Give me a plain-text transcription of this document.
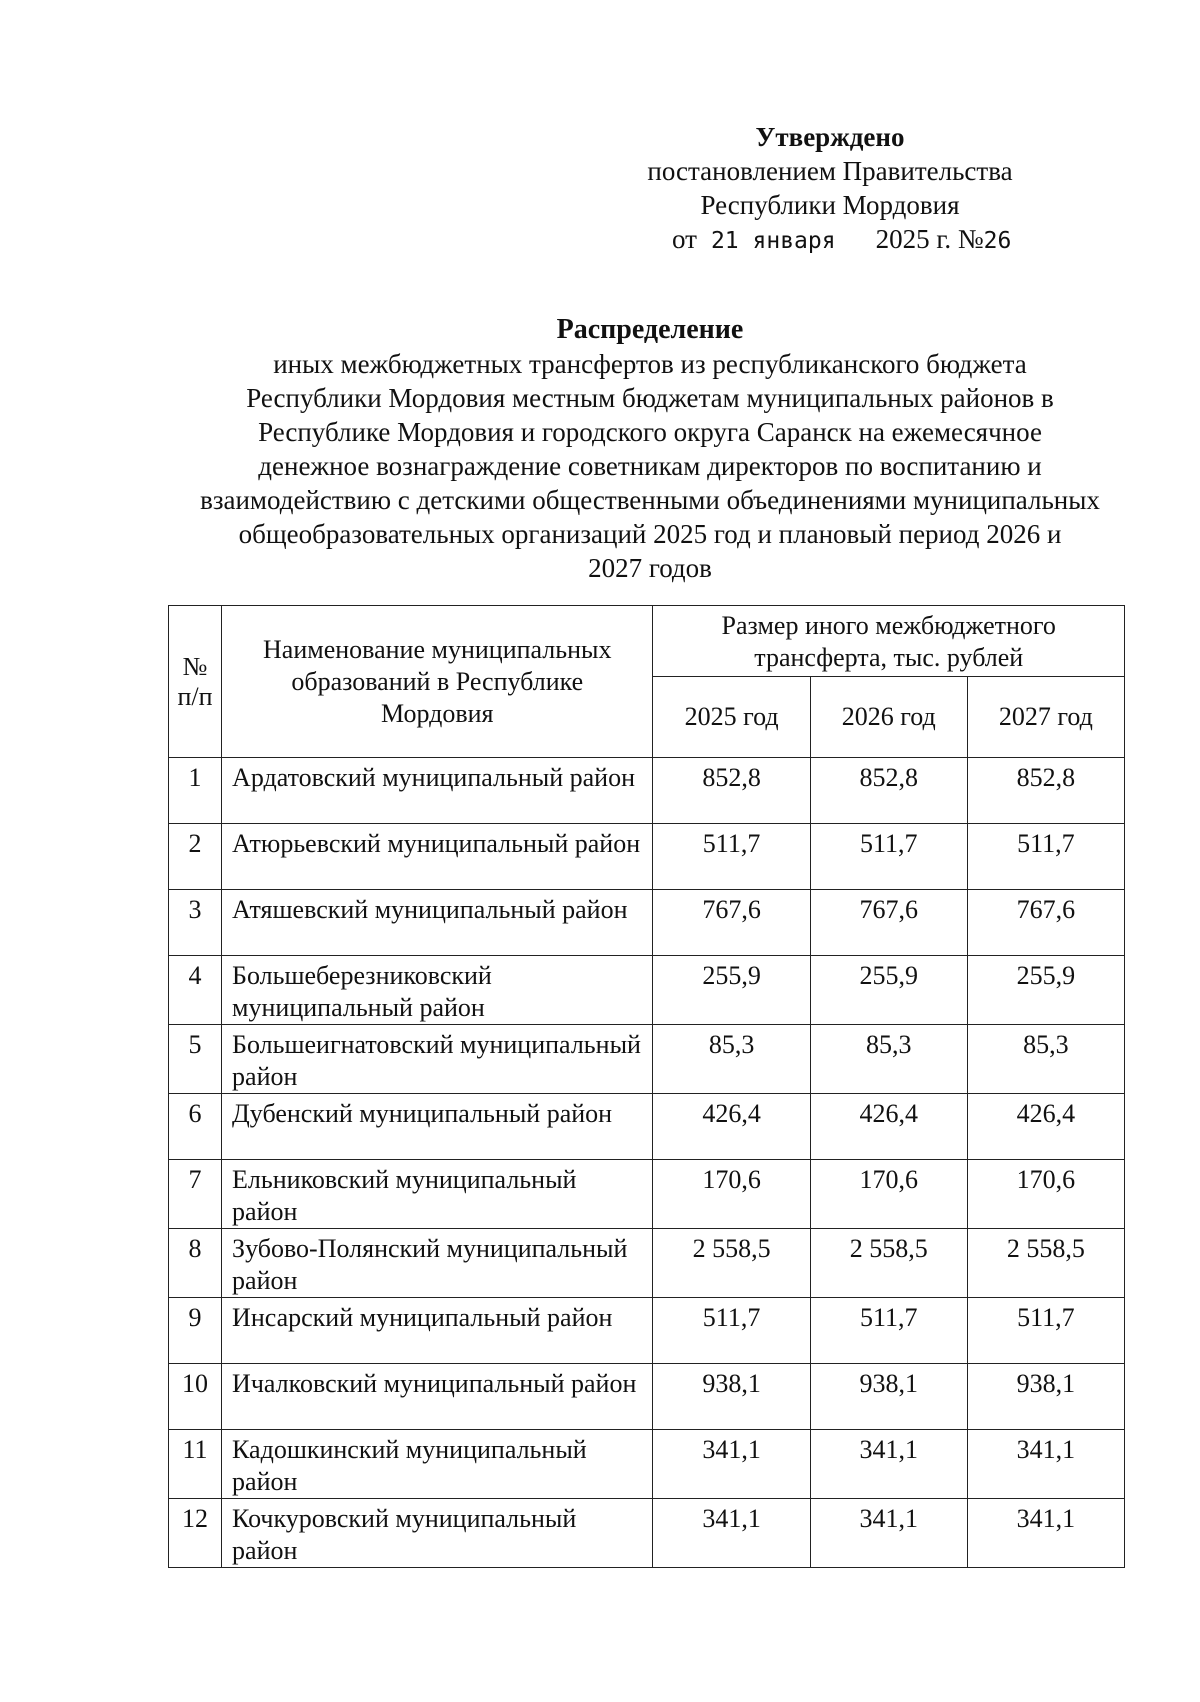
Утверждено
постановлением Правительства
Республики Мордовия
от 21 января 2025 г. №26
Распределение
иных межбюджетных трансфертов из республиканского бюджета
Республики Мордовия местным бюджетам муниципальных районов в
Республике Мордовия и городского округа Саранск на ежемесячное
денежное вознаграждение советникам директоров по воспитанию и
взаимодействию с детскими общественными объединениями муниципальных
общеобразовательных организаций 2025 год и плановый период 2026 и
2027 годов
№ п/п	Наименование муниципальных образований в Республике Мордовия	Размер иного межбюджетного трансферта, тыс. рублей		
		2025 год	2026 год	2027 год
1	Ардатовский муниципальный район	852,8	852,8	852,8
2	Атюрьевский муниципальный район	511,7	511,7	511,7
3	Атяшевский муниципальный район	767,6	767,6	767,6
4	Большеберезниковский муниципальный район	255,9	255,9	255,9
5	Большеигнатовский муниципальный район	85,3	85,3	85,3
6	Дубенский муниципальный район	426,4	426,4	426,4
7	Ельниковский муниципальный район	170,6	170,6	170,6
8	Зубово-Полянский муниципальный район	2 558,5	2 558,5	2 558,5
9	Инсарский муниципальный район	511,7	511,7	511,7
10	Ичалковский муниципальный район	938,1	938,1	938,1
11	Кадошкинский муниципальный район	341,1	341,1	341,1
12	Кочкуровский муниципальный район	341,1	341,1	341,1
